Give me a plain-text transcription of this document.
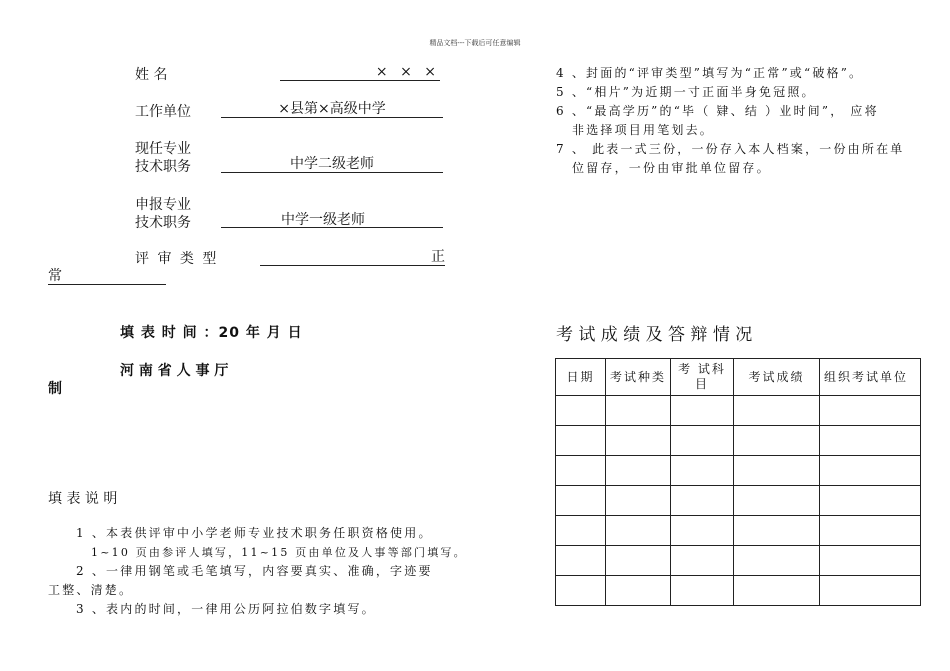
精品文档---下载后可任意编辑
姓 名	× × ×
工作单位	×县第×高级中学
现任专业
技术职务	中学二级老师
申报专业
技术职务	中学一级老师
评 审 类 型	正
常
填 表 时 间 ：20 年 月 日
河 南 省 人 事 厅
制
填 表 说 明
1 、本表供评审中小学老师专业技术职务任职资格使用。
1~10 页由参评人填写，11~15 页由单位及人事等部门填写。
2 、一律用钢笔或毛笔填写，内容要真实、准确，字迹要
工整、清楚。
3 、表内的时间，一律用公历阿拉伯数字填写。
4 、封面的“评审类型”填写为“正常”或“破格”。
5 、“相片”为近期一寸正面半身免冠照。
6 、“最高学历”的“毕（ 肄、结 ）业时间”， 应将
非选择项目用笔划去。
7 、 此表一式三份，一份存入本人档案，一份由所在单
位留存，一份由审批单位留存。
考 试 成 绩 及 答 辩 情 况
日期	考试种类	考 试科目	考试成绩	组织考试单位
